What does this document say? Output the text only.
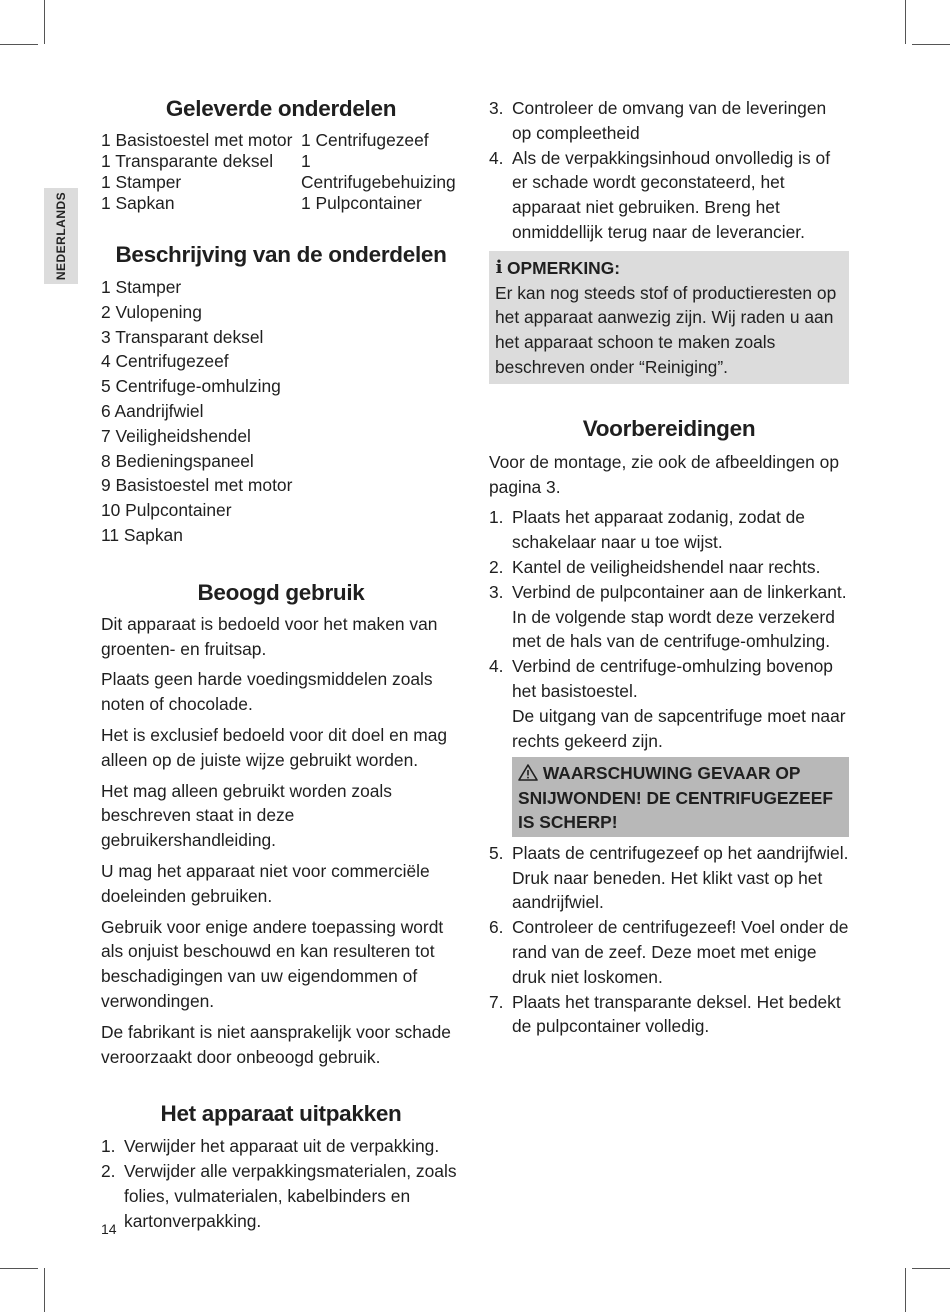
NEDERLANDS
Geleverde onderdelen
1 Basistoestel met motor
1 Transparante deksel
1 Stamper
1 Sapkan
1 Centrifugezeef
1 Centrifugebehuizing
1 Pulpcontainer
Beschrijving van de onderdelen
1 Stamper
2 Vulopening
3 Transparant deksel
4 Centrifugezeef
5 Centrifuge-omhulzing
6 Aandrijfwiel
7 Veiligheidshendel
8 Bedieningspaneel
9 Basistoestel met motor
10 Pulpcontainer
11 Sapkan
Beoogd gebruik

Dit apparaat is bedoeld voor het maken van groenten- en fruitsap.

Plaats geen harde voedingsmiddelen zoals noten of chocolade.

Het is exclusief bedoeld voor dit doel en mag alleen op de juiste wijze gebruikt worden.

Het mag alleen gebruikt worden zoals beschreven staat in deze gebruikershandleiding.

U mag het apparaat niet voor commerciële doeleinden gebruiken.

Gebruik voor enige andere toepassing wordt als onjuist beschouwd en kan resulteren tot beschadigingen van uw eigendommen of verwondingen.

De fabrikant is niet aansprakelijk voor schade veroorzaakt door onbeoogd gebruik.

Het apparaat uitpakken
1. Verwijder het apparaat uit de verpakking.
2. Verwijder alle verpakkingsmaterialen, zoals folies, vulmaterialen, kabelbinders en kartonverpakking.
3. Controleer de omvang van de leveringen op compleetheid
4. Als de verpakkingsinhoud onvolledig is of er schade wordt geconstateerd, het apparaat niet gebruiken. Breng het onmiddellijk terug naar de leverancier.
i OPMERKING:

Er kan nog steeds stof of productieresten op het apparaat aanwezig zijn. Wij raden u aan het apparaat schoon te maken zoals beschreven onder “Reiniging”.

Voorbereidingen

Voor de montage, zie ook de afbeeldingen op pagina 3.

1. Plaats het apparaat zodanig, zodat de schakelaar naar u toe wijst.
2. Kantel de veiligheidshendel naar rechts.
3. Verbind de pulpcontainer aan de linkerkant. In de volgende stap wordt deze verzekerd met de hals van de centrifuge-omhulzing.
4. Verbind de centrifuge-omhulzing bovenop het basistoestel.
De uitgang van de sapcentrifuge moet naar rechts gekeerd zijn.
WAARSCHUWING GEVAAR OP SNIJWONDEN! DE CENTRIFUGEZEEF IS SCHERP!
5. Plaats de centrifugezeef op het aandrijfwiel. Druk naar beneden. Het klikt vast op het aandrijfwiel.
6. Controleer de centrifugezeef! Voel onder de rand van de zeef. Deze moet met enige druk niet loskomen.
7. Plaats het transparante deksel. Het bedekt de pulpcontainer volledig.
14
